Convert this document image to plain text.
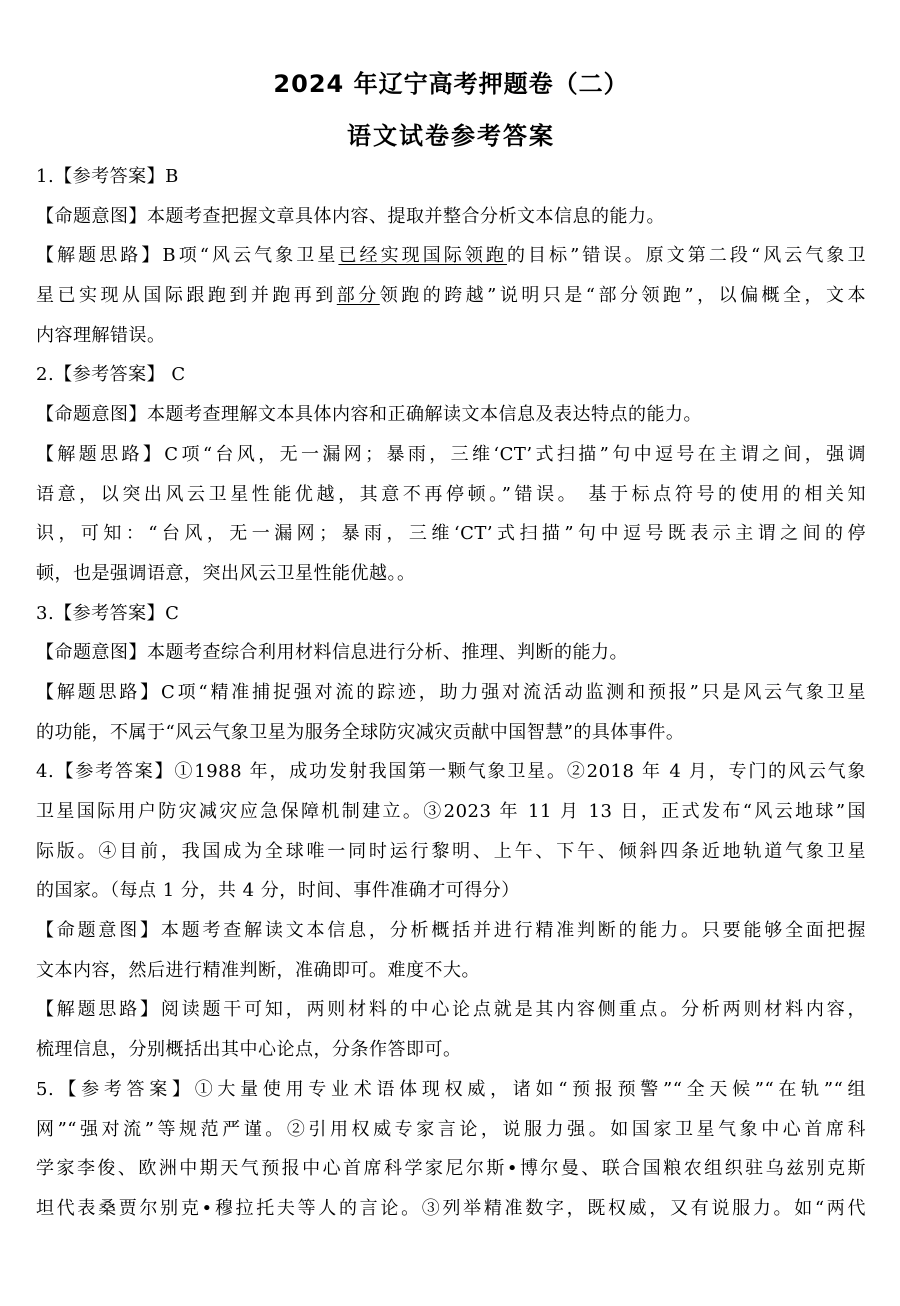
2024 年辽宁高考押题卷（二）
语文试卷参考答案
1.【参考答案】B
【命题意图】本题考查把握文章具体内容、提取并整合分析文本信息的能力。
【解题思路】B项“风云气象卫星已经实现国际领跑的目标”错误。原文第二段“风云气象卫
星已实现从国际跟跑到并跑再到部分领跑的跨越”说明只是“部分领跑”，以偏概全，文本
内容理解错误。
2.【参考答案】 C
【命题意图】本题考查理解文本具体内容和正确解读文本信息及表达特点的能力。
【解题思路】C项“台风，无一漏网；暴雨，三维‘CT’式扫描”句中逗号在主谓之间，强调
语意，以突出风云卫星性能优越，其意不再停顿。”错误。 基于标点符号的使用的相关知
识，可知：“台风，无一漏网；暴雨，三维‘CT’式扫描”句中逗号既表示主谓之间的停
顿，也是强调语意，突出风云卫星性能优越。。
3.【参考答案】C
【命题意图】本题考查综合利用材料信息进行分析、推理、判断的能力。
【解题思路】C项“精准捕捉强对流的踪迹，助力强对流活动监测和预报”只是风云气象卫星
的功能，不属于“风云气象卫星为服务全球防灾减灾贡献中国智慧”的具体事件。
4.【参考答案】①1988 年，成功发射我国第一颗气象卫星。②2018 年 4 月，专门的风云气象
卫星国际用户防灾减灾应急保障机制建立。③2023 年 11 月 13 日，正式发布“风云地球”国
际版。④目前，我国成为全球唯一同时运行黎明、上午、下午、倾斜四条近地轨道气象卫星
的国家。（每点 1 分，共 4 分，时间、事件准确才可得分）
【命题意图】本题考查解读文本信息，分析概括并进行精准判断的能力。只要能够全面把握
文本内容，然后进行精准判断，准确即可。难度不大。
【解题思路】阅读题干可知，两则材料的中心论点就是其内容侧重点。分析两则材料内容，
梳理信息，分别概括出其中心论点，分条作答即可。
5.【参考答案】①大量使用专业术语体现权威，诸如“预报预警”“全天候”“在轨”“组
网”“强对流”等规范严谨。②引用权威专家言论，说服力强。如国家卫星气象中心首席科
学家李俊、欧洲中期天气预报中心首席科学家尼尔斯•博尔曼、联合国粮农组织驻乌兹别克斯
坦代表桑贾尔别克•穆拉托夫等人的言论。③列举精准数字，既权威，又有说服力。如“两代
